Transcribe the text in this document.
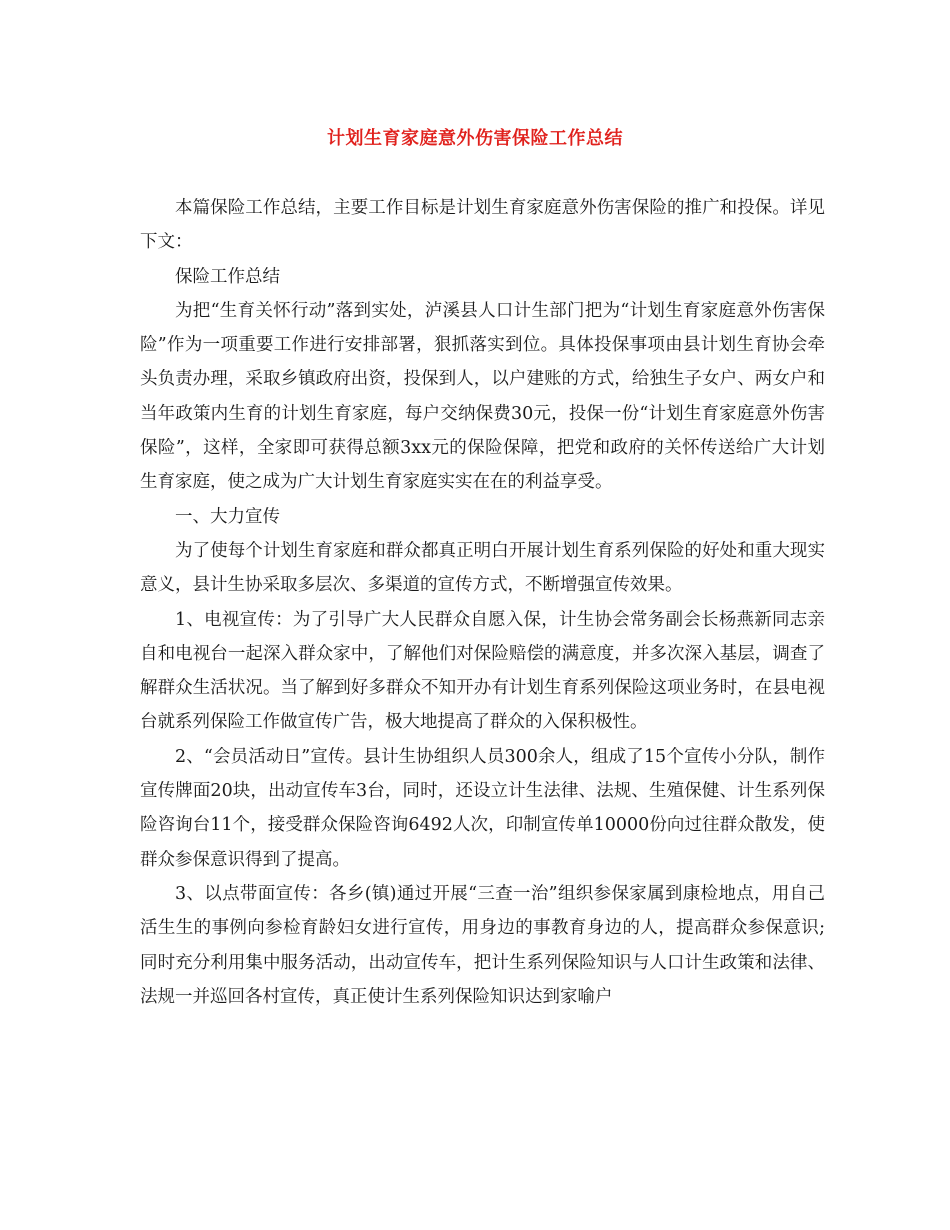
计划生育家庭意外伤害保险工作总结

本篇保险工作总结，主要工作目标是计划生育家庭意外伤害保险的推广和投保。详见下文：

保险工作总结

为把“生育关怀行动”落到实处，泸溪县人口计生部门把为“计划生育家庭意外伤害保险”作为一项重要工作进行安排部署，狠抓落实到位。具体投保事项由县计划生育协会牵头负责办理，采取乡镇政府出资，投保到人，以户建账的方式，给独生子女户、两女户和当年政策内生育的计划生育家庭，每户交纳保费30元，投保一份“计划生育家庭意外伤害保险”，这样，全家即可获得总额3xx元的保险保障，把党和政府的关怀传送给广大计划生育家庭，使之成为广大计划生育家庭实实在在的利益享受。

一、大力宣传

为了使每个计划生育家庭和群众都真正明白开展计划生育系列保险的好处和重大现实意义，县计生协采取多层次、多渠道的宣传方式，不断增强宣传效果。

1、电视宣传：为了引导广大人民群众自愿入保，计生协会常务副会长杨燕新同志亲自和电视台一起深入群众家中，了解他们对保险赔偿的满意度，并多次深入基层，调查了解群众生活状况。当了解到好多群众不知开办有计划生育系列保险这项业务时，在县电视台就系列保险工作做宣传广告，极大地提高了群众的入保积极性。

2、“会员活动日”宣传。县计生协组织人员300余人，组成了15个宣传小分队，制作宣传牌面20块，出动宣传车3台，同时，还设立计生法律、法规、生殖保健、计生系列保险咨询台11个，接受群众保险咨询6492人次，印制宣传单10000份向过往群众散发，使群众参保意识得到了提高。

3、以点带面宣传：各乡(镇)通过开展“三查一治”组织参保家属到康检地点，用自己活生生的事例向参检育龄妇女进行宣传，用身边的事教育身边的人，提高群众参保意识;同时充分利用集中服务活动，出动宣传车，把计生系列保险知识与人口计生政策和法律、法规一并巡回各村宣传，真正使计生系列保险知识达到家喻户
